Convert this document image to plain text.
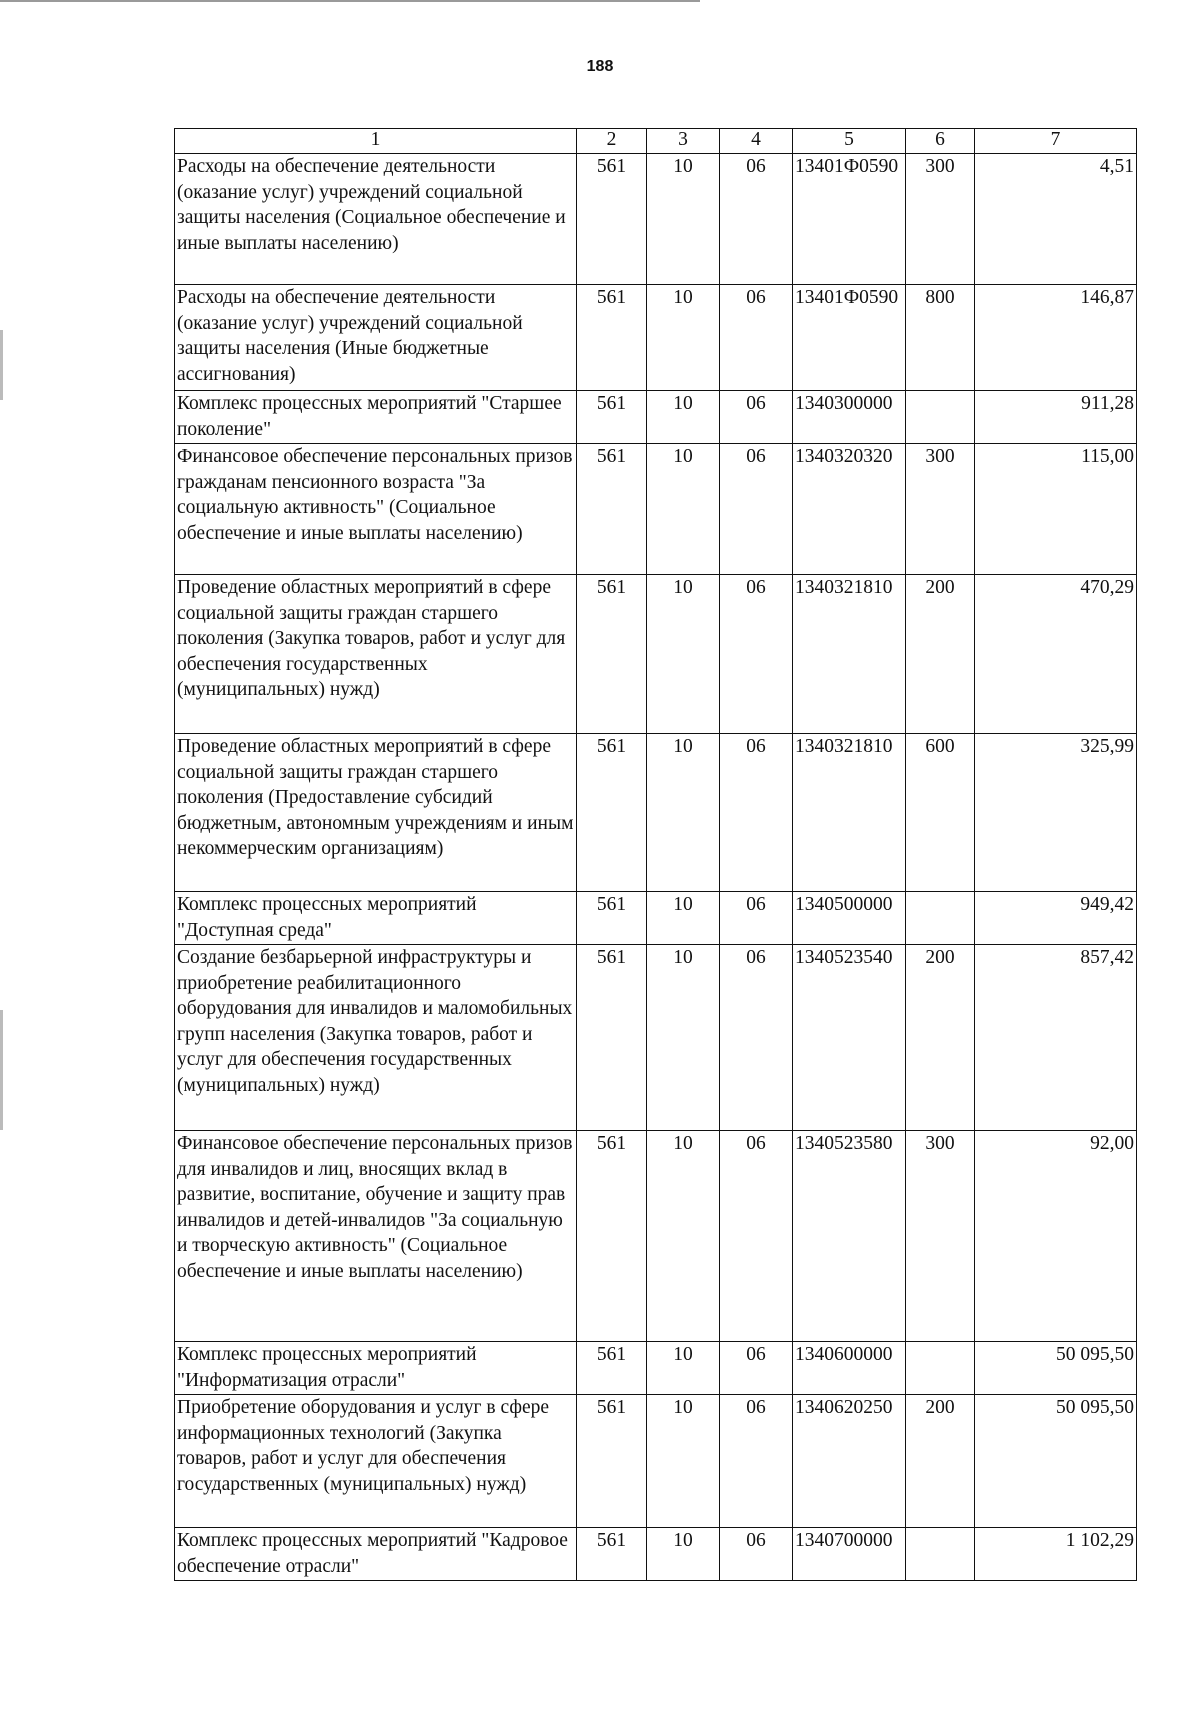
188
1	2	3	4	5	6	7
Расходы на обеспечение деятельности (оказание услуг) учреждений социальной защиты населения (Социальное обеспечение и иные выплаты населению)	561	10	06	13401Ф0590	300	4,51
Расходы на обеспечение деятельности (оказание услуг) учреждений социальной защиты населения (Иные бюджетные ассигнования)	561	10	06	13401Ф0590	800	146,87
Комплекс процессных мероприятий "Старшее поколение"	561	10	06	1340300000		911,28
Финансовое обеспечение персональных призов гражданам пенсионного возраста "За социальную активность" (Социальное обеспечение и иные выплаты населению)	561	10	06	1340320320	300	115,00
Проведение областных мероприятий в сфере социальной защиты граждан старшего поколения (Закупка товаров, работ и услуг для обеспечения государственных (муниципальных) нужд)	561	10	06	1340321810	200	470,29
Проведение областных мероприятий в сфере социальной защиты граждан старшего поколения (Предоставление субсидий бюджетным, автономным учреждениям и иным некоммерческим организациям)	561	10	06	1340321810	600	325,99
Комплекс процессных мероприятий "Доступная среда"	561	10	06	1340500000		949,42
Создание безбарьерной инфраструктуры и приобретение реабилитационного оборудования для инвалидов и маломобильных групп населения (Закупка товаров, работ и услуг для обеспечения государственных (муниципальных) нужд)	561	10	06	1340523540	200	857,42
Финансовое обеспечение персональных призов для инвалидов и лиц, вносящих вклад в развитие, воспитание, обучение и защиту прав инвалидов и детей-инвалидов "За социальную и творческую активность" (Социальное обеспечение и иные выплаты населению)	561	10	06	1340523580	300	92,00
Комплекс процессных мероприятий "Информатизация отрасли"	561	10	06	1340600000		50 095,50
Приобретение оборудования и услуг в сфере информационных технологий (Закупка товаров, работ и услуг для обеспечения государственных (муниципальных) нужд)	561	10	06	1340620250	200	50 095,50
Комплекс процессных мероприятий "Кадровое обеспечение отрасли"	561	10	06	1340700000		1 102,29
